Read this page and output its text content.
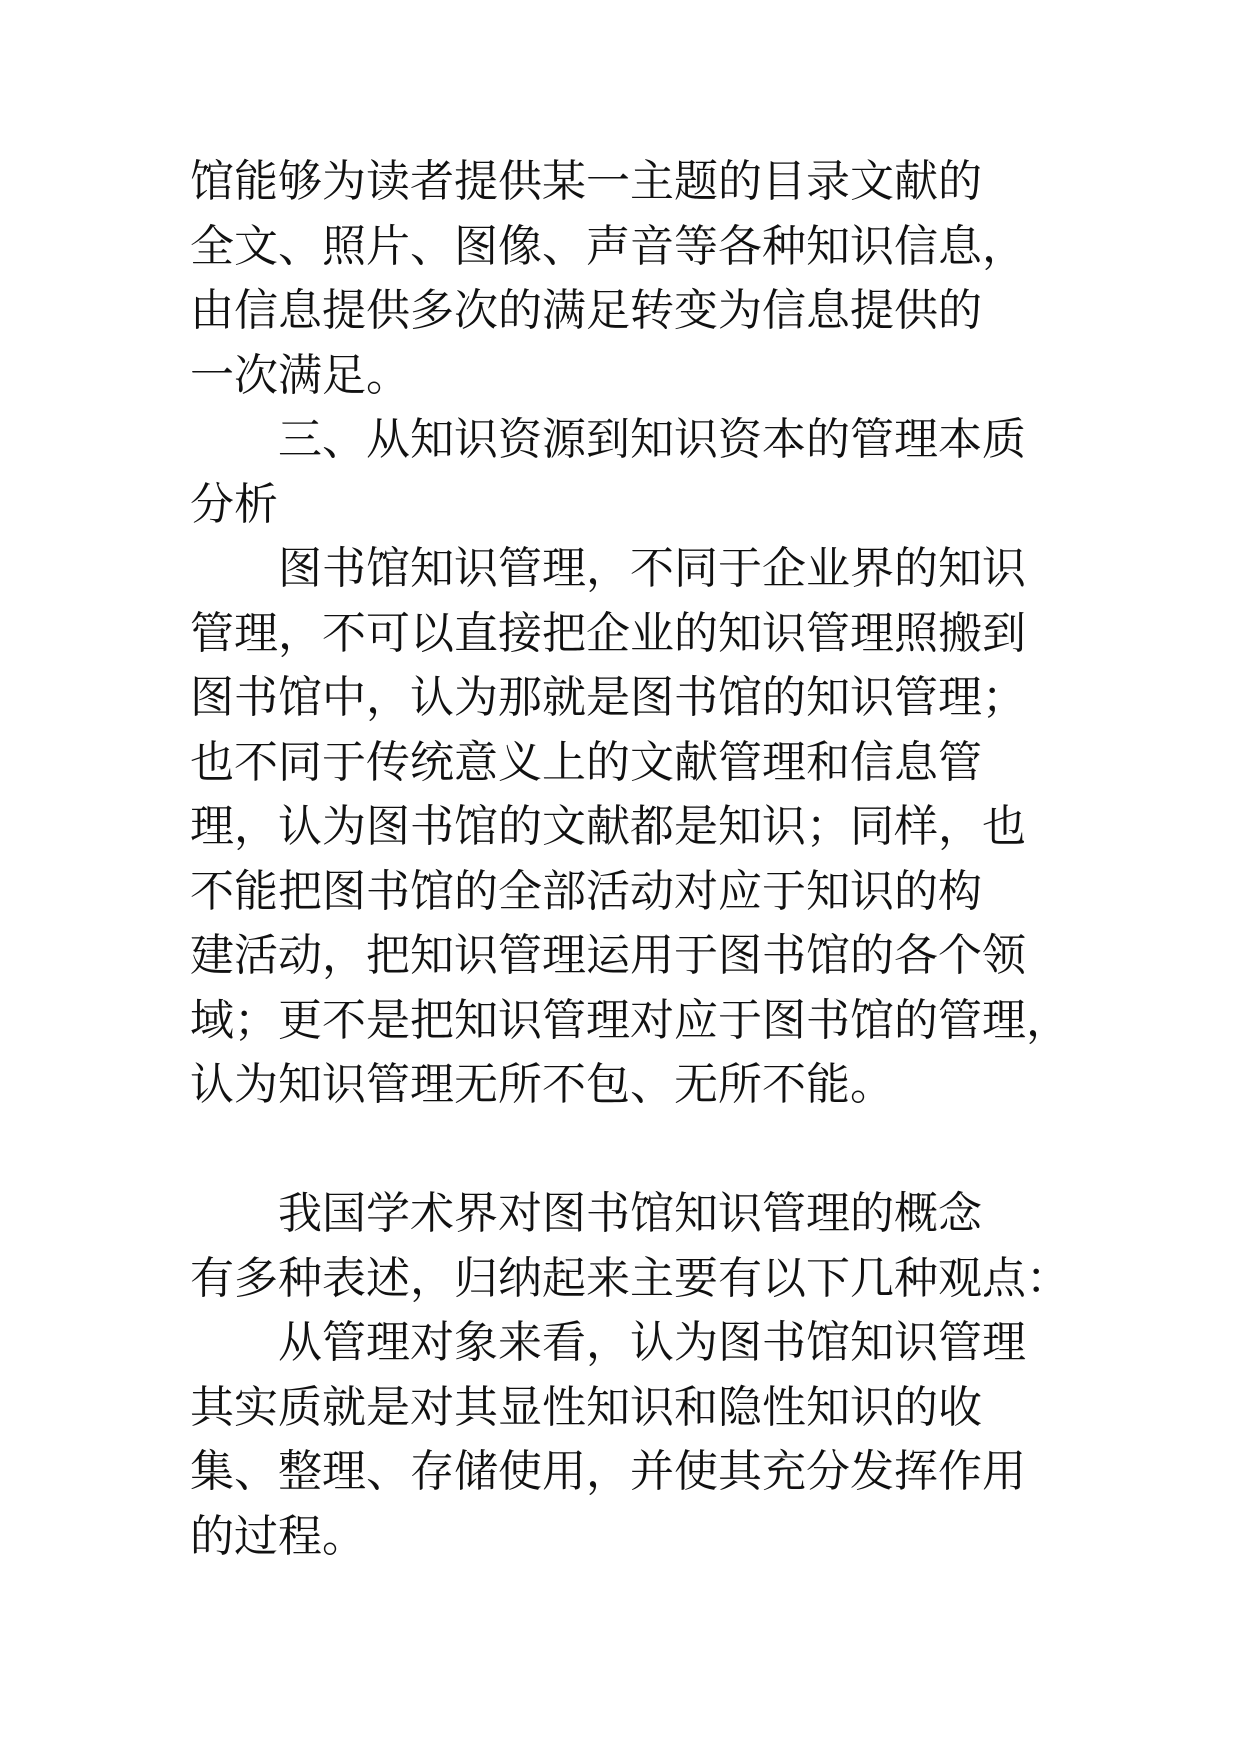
馆能够为读者提供某一主题的目录文献的
全文、照片、图像、声音等各种知识信息，
由信息提供多次的满足转变为信息提供的
一次满足。
三、从知识资源到知识资本的管理本质
分析
图书馆知识管理，不同于企业界的知识
管理，不可以直接把企业的知识管理照搬到
图书馆中，认为那就是图书馆的知识管理；
也不同于传统意义上的文献管理和信息管
理，认为图书馆的文献都是知识；同样，也
不能把图书馆的全部活动对应于知识的构
建活动，把知识管理运用于图书馆的各个领
域；更不是把知识管理对应于图书馆的管理，
认为知识管理无所不包、无所不能。
我国学术界对图书馆知识管理的概念
有多种表述，归纳起来主要有以下几种观点：
从管理对象来看，认为图书馆知识管理
其实质就是对其显性知识和隐性知识的收
集、整理、存储使用，并使其充分发挥作用
的过程。
